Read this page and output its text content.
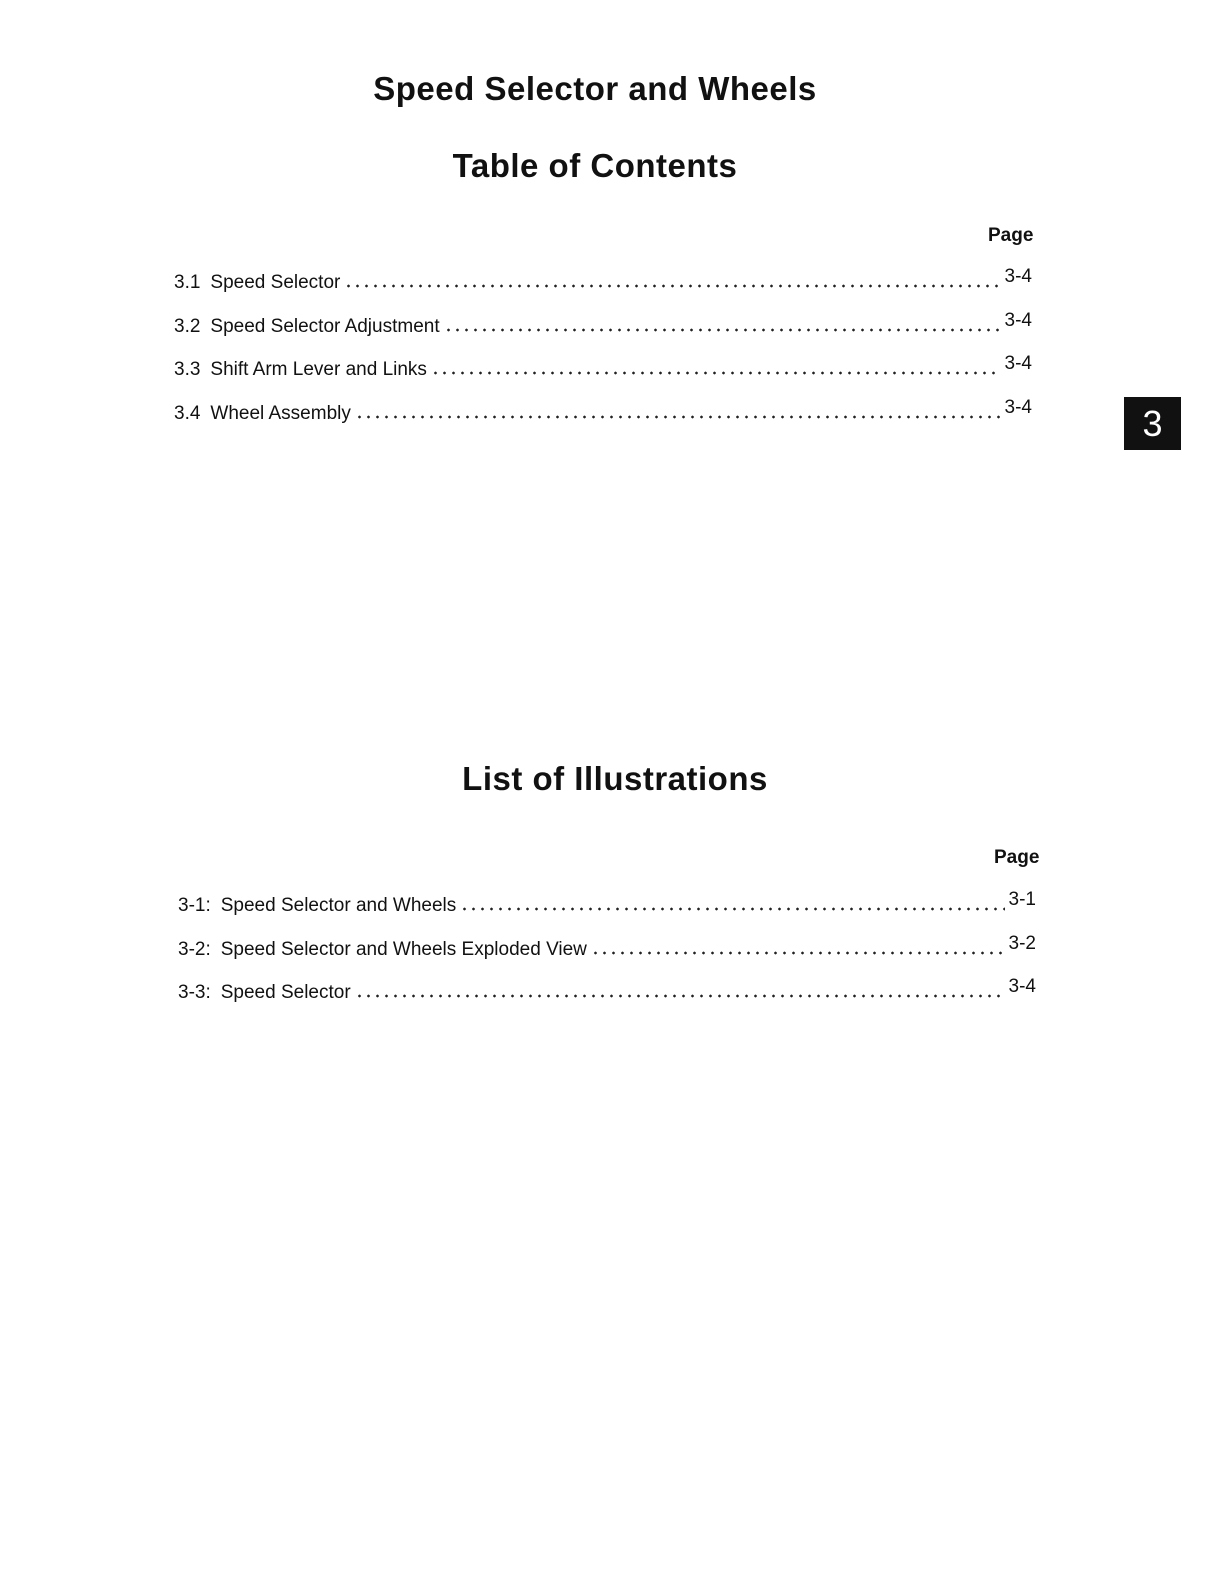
Speed Selector and Wheels
Table of Contents
Page
3.1 Speed Selector	3-4
3.2 Speed Selector Adjustment	3-4
3.3 Shift Arm Lever and Links	3-4
3.4 Wheel Assembly	3-4	3
List of Illustrations
Page
3-1: Speed Selector and Wheels	3-1
3-2: Speed Selector and Wheels Exploded View	3-2
3-3: Speed Selector	3-4
